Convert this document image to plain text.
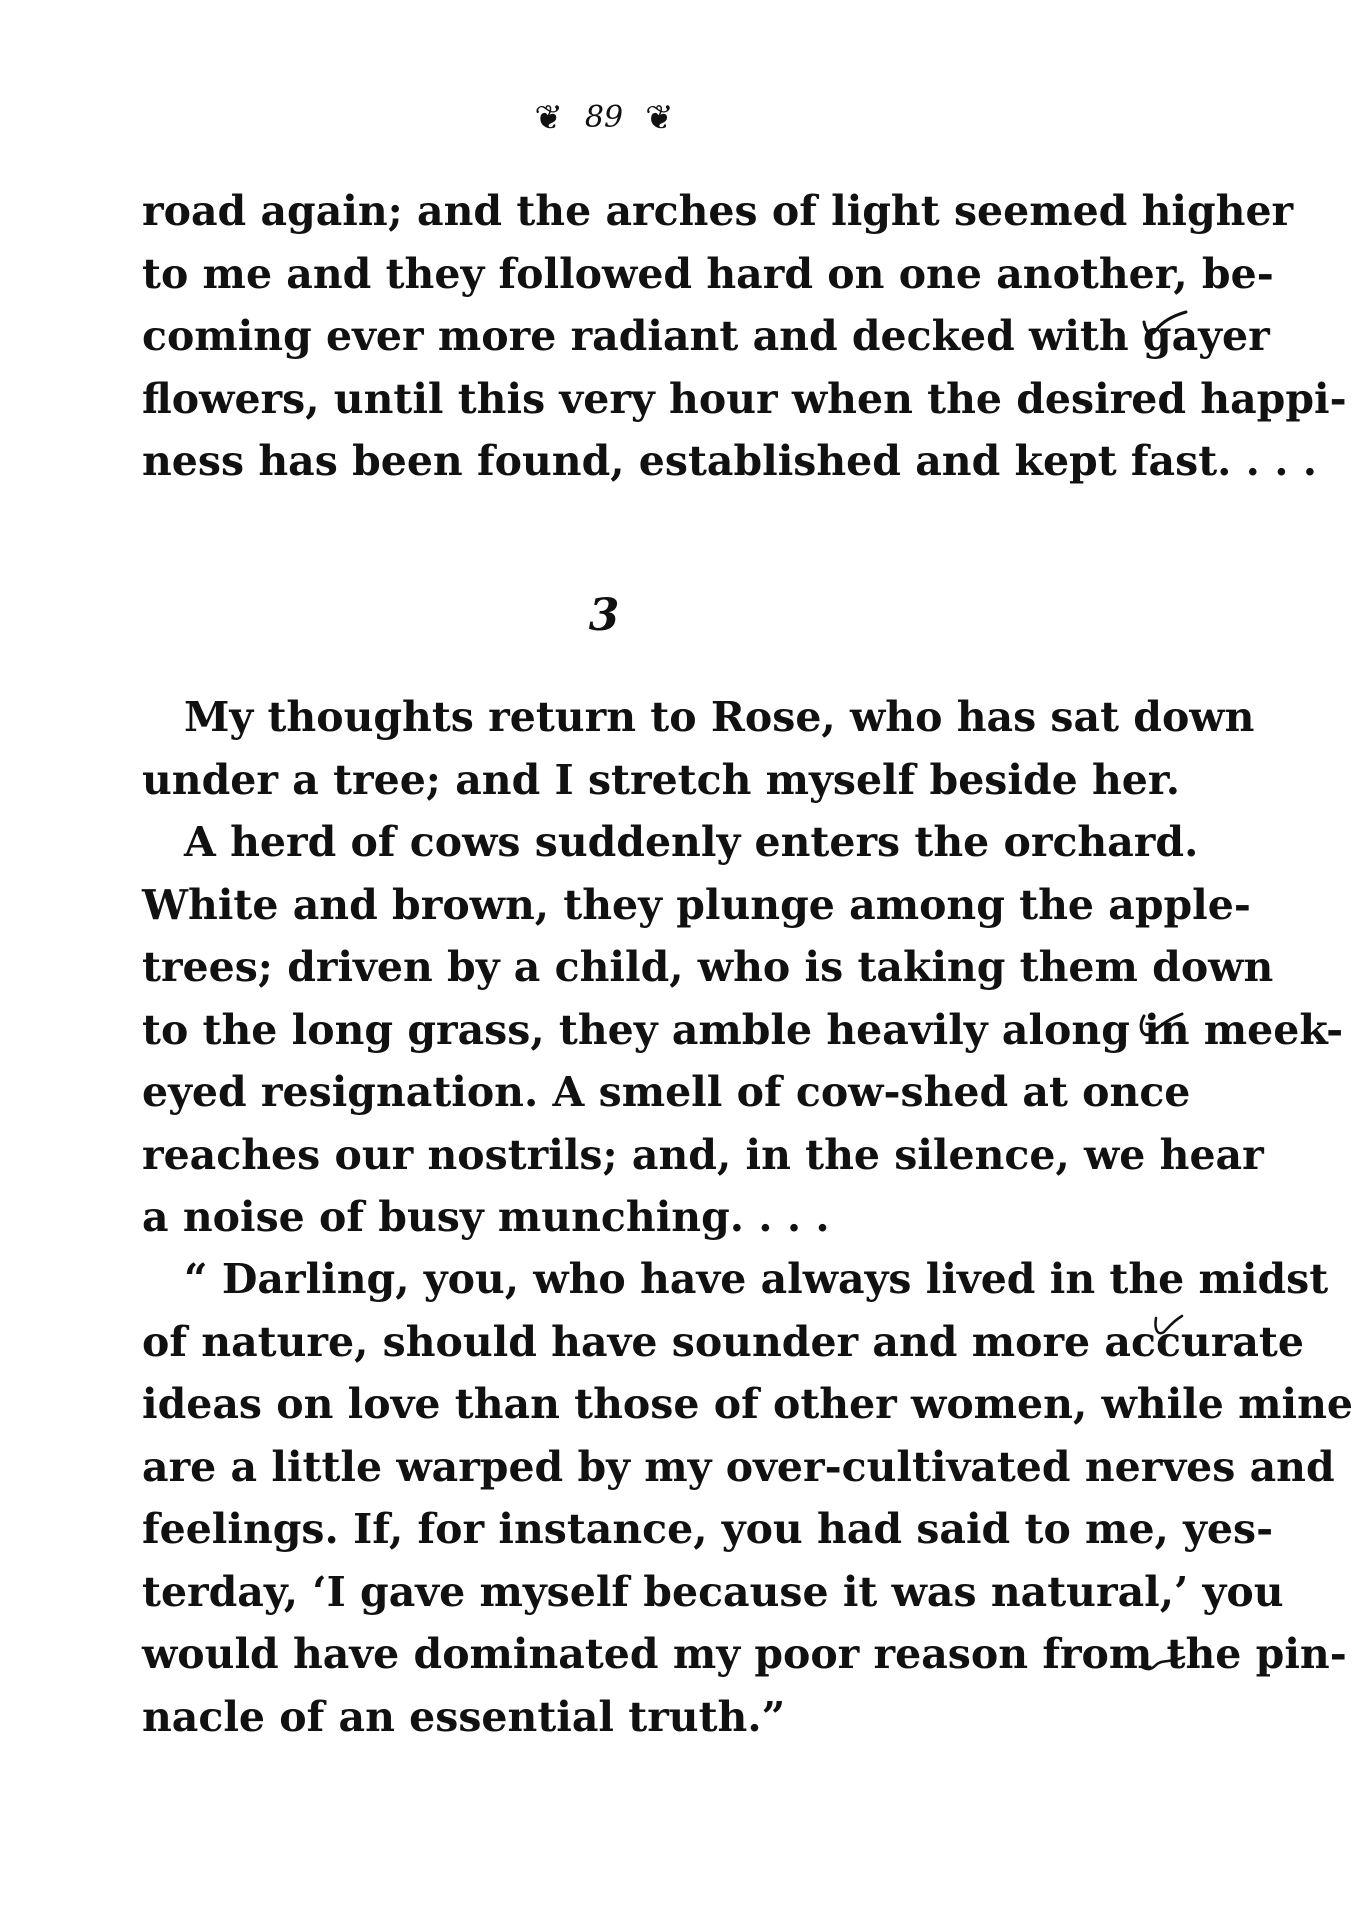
❦ 89 ❦
road again; and the arches of light seemed higher
to me and they followed hard on one another, be-
coming ever more radiant and decked with gayer
flowers, until this very hour when the desired happi-
ness has been found, established and kept fast. . . .
3
My thoughts return to Rose, who has sat down
under a tree; and I stretch myself beside her.
A herd of cows suddenly enters the orchard.
White and brown, they plunge among the apple-
trees; driven by a child, who is taking them down
to the long grass, they amble heavily along in meek-
eyed resignation. A smell of cow-shed at once
reaches our nostrils; and, in the silence, we hear
a noise of busy munching. . . .
“ Darling, you, who have always lived in the midst
of nature, should have sounder and more accurate
ideas on love than those of other women, while mine
are a little warped by my over-cultivated nerves and
feelings. If, for instance, you had said to me, yes-
terday, ‘I gave myself because it was natural,’ you
would have dominated my poor reason from the pin-
nacle of an essential truth.”
